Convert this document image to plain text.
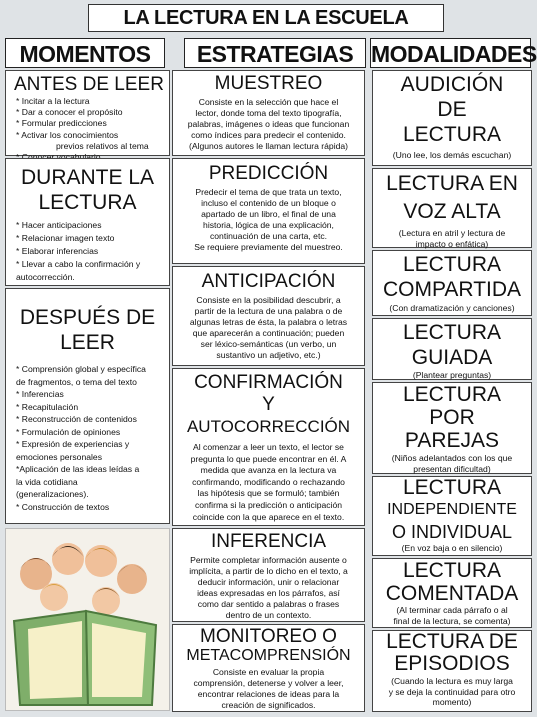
LA LECTURA EN LA ESCUELA
MOMENTOS	ESTRATEGIAS MODALIDADES
ANTES DE LEER
* Incitar a la lectura
* Dar a conocer el propósito
* Formular predicciones
* Activar los conocimientos
previos relativos al tema
DURANTE LA
LECTURA
* Hacer anticipaciones
* Relacionar imagen texto
* Elaborar inferencias
* Llevar a cabo la confirmación y
autocorrección.
DESPUÉS DE
LEER
* Comprensión global y específica
de fragmentos, o tema del texto
* Inferencias
* Recapitulación
* Reconstrucción de contenidos
* Formulación de opiniones
* Expresión de experiencias y
emociones personales
*Aplicación de las ideas leídas a
la vida cotidiana
(generalizaciones).
* Construcción de textos
MUESTREO
Consiste en la selección que hace el
lector, donde toma del texto tipografía,
palabras, imágenes o ideas que funcionan
como índices para predecir el contenido.
(Algunos autores le llaman lectura rápida)
PREDICCIÓN
Predecir el tema de que trata un texto,
incluso el contenido de un bloque o
apartado de un libro, el final de una
historia, lógica de una explicación,
continuación de una carta, etc.
Se requiere previamente del muestreo.
ANTICIPACIÓN
Consiste en la posibilidad descubrir, a
partir de la lectura de una palabra o de
algunas letras de ésta, la palabra o letras
que aparecerán a continuación; pueden
ser léxico-semánticas (un verbo, un
sustantivo un adjetivo, etc.)
CONFIRMACIÓN
Y
AUTOCORRECCIÓN
Al comenzar a leer un texto, el lector se
pregunta lo que puede encontrar en él. A
medida que avanza en la lectura va
confirmando, modificando o rechazando
las hipótesis que se formuló; también
confirma si la predicción o anticipación
coincide con la que aparece en el texto.
INFERENCIA
Permite completar información ausente o
implícita, a partir de lo dicho en el texto, a
deducir información, unir o relacionar
ideas expresadas en los párrafos, así
como dar sentido a palabras o frases
dentro de un contexto.
MONITOREO O
METACOMPRENSIÓN
Consiste en evaluar la propia
comprensión, detenerse y volver a leer,
encontrar relaciones de ideas para la
creación de significados.
AUDICIÓN
DE
LECTURA
(Uno lee, los demás escuchan)
LECTURA EN
VOZ ALTA
(Lectura en atril y lectura de
impacto o enfática)
LECTURA
COMPARTIDA
(Con dramatización y canciones)
LECTURA
GUIADA
(Plantear preguntas)
LECTURA
POR
PAREJAS
(Niños adelantados con los que
presentan dificultad)
LECTURA
INDEPENDIENTE
O INDIVIDUAL
(En voz baja o en silencio)
LECTURA
COMENTADA
(Al terminar cada párrafo o al
final de la lectura, se comenta)
LECTURA DE
EPISODIOS
(Cuando la lectura es muy larga
y se deja la continuidad para otro
momento)
